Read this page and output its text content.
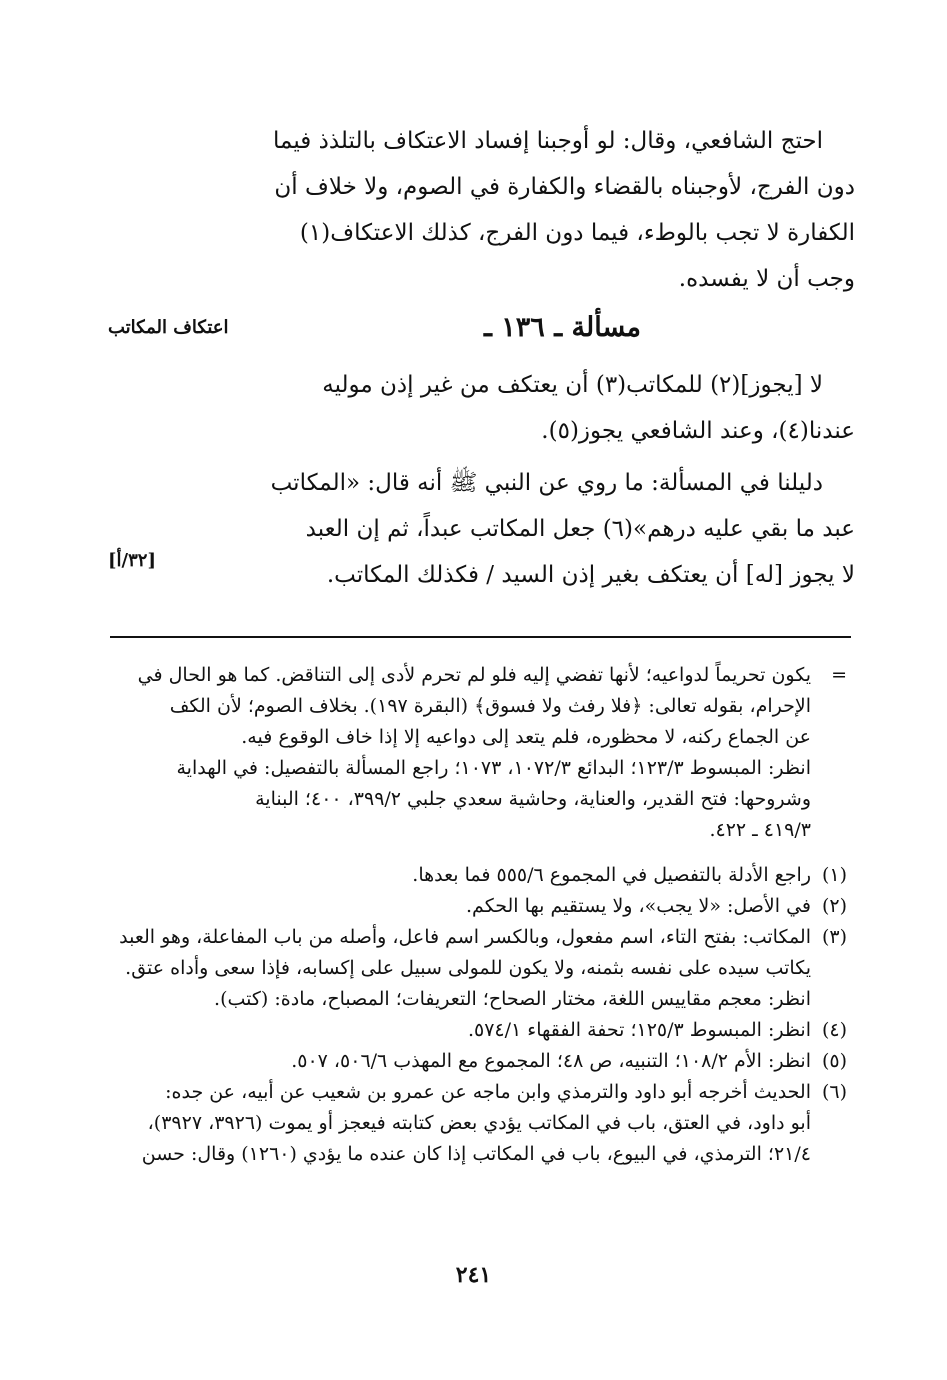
احتج الشافعي، وقال: لو أوجبنا إفساد الاعتكاف بالتلذذ فيما
دون الفرج، لأوجبناه بالقضاء والكفارة في الصوم، ولا خلاف أن
الكفارة لا تجب بالوطء، فيما دون الفرج، كذلك الاعتكاف(١)
وجب أن لا يفسده.
مسألة ـ ١٣٦ ـ
اعتكاف المكاتب
لا [يجوز](٢) للمكاتب(٣) أن يعتكف من غير إذن موليه
عندنا(٤)، وعند الشافعي يجوز(٥).
دليلنا في المسألة: ما روي عن النبي ﷺ أنه قال: «المكاتب
عبد ما بقي عليه درهم»(٦) جعل المكاتب عبداً، ثم إن العبد
لا يجوز [له] أن يعتكف بغير إذن السيد / فكذلك المكاتب.
[٣٢/أ]
=
يكون تحريماً لدواعيه؛ لأنها تفضي إليه فلو لم تحرم لأدى إلى التناقض. كما هو الحال في
الإحرام، بقوله تعالى: ﴿فلا رفث ولا فسوق﴾ (البقرة ١٩٧). بخلاف الصوم؛ لأن الكف
عن الجماع ركنه، لا محظوره، فلم يتعد إلى دواعيه إلا إذا خاف الوقوع فيه.
انظر: المبسوط ١٢٣/٣؛ البدائع ١٠٧٢/٣، ١٠٧٣؛ راجع المسألة بالتفصيل: في الهداية
وشروحها: فتح القدير، والعناية، وحاشية سعدي جلبي ٣٩٩/٢، ٤٠٠؛ البناية
٤١٩/٣ ـ ٤٢٢.
(١)
راجع الأدلة بالتفصيل في المجموع ٥٥٥/٦ فما بعدها.
(٢)
في الأصل: «لا يجب»، ولا يستقيم بها الحكم.
(٣)
المكاتب: بفتح التاء، اسم مفعول، وبالكسر اسم فاعل، وأصله من باب المفاعلة، وهو العبد
يكاتب سيده على نفسه بثمنه، ولا يكون للمولى سبيل على إكسابه، فإذا سعى وأداه عتق.
انظر: معجم مقاييس اللغة، مختار الصحاح؛ التعريفات؛ المصباح، مادة: (كتب).
(٤)
انظر: المبسوط ١٢٥/٣؛ تحفة الفقهاء ٥٧٤/١.
(٥)
انظر: الأم ١٠٨/٢؛ التنبيه، ص ٤٨؛ المجموع مع المهذب ٥٠٦/٦، ٥٠٧.
(٦)
الحديث أخرجه أبو داود والترمذي وابن ماجه عن عمرو بن شعيب عن أبيه، عن جده:
أبو داود، في العتق، باب في المكاتب يؤدي بعض كتابته فيعجز أو يموت (٣٩٢٦، ٣٩٢٧)،
٢١/٤؛ الترمذي، في البيوع، باب في المكاتب إذا كان عنده ما يؤدي (١٢٦٠) وقال: حسن
٢٤١
